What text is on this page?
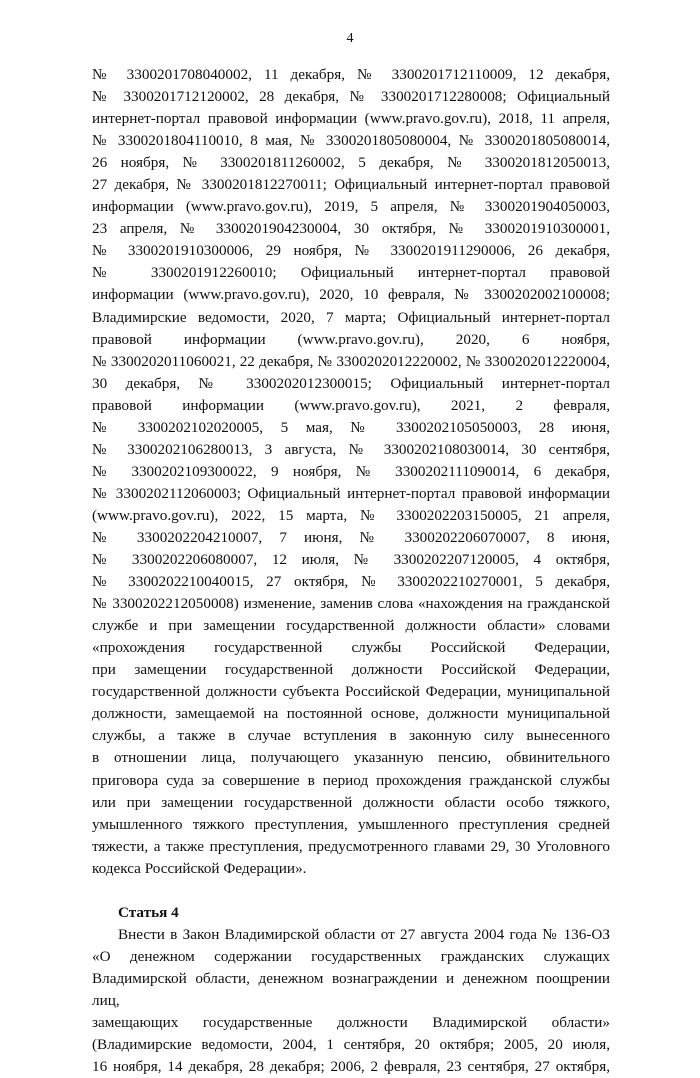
4
№ 3300201708040002, 11 декабря, № 3300201712110009, 12 декабря,
№ 3300201712120002, 28 декабря, № 3300201712280008; Официальный
интернет-портал правовой информации (www.pravo.gov.ru), 2018, 11 апреля,
№ 3300201804110010, 8 мая, № 3300201805080004, № 3300201805080014,
26 ноября, № 3300201811260002, 5 декабря, № 3300201812050013,
27 декабря, № 3300201812270011; Официальный интернет-портал правовой
информации (www.pravo.gov.ru), 2019, 5 апреля, № 3300201904050003,
23 апреля, № 3300201904230004, 30 октября, № 3300201910300001,
№ 3300201910300006, 29 ноября, № 3300201911290006, 26 декабря,
№ 3300201912260010; Официальный интернет-портал правовой
информации (www.pravo.gov.ru), 2020, 10 февраля, № 3300202002100008;
Владимирские ведомости, 2020, 7 марта; Официальный интернет-портал
правовой информации (www.pravo.gov.ru), 2020, 6 ноября,
№ 3300202011060021, 22 декабря, № 3300202012220002, № 3300202012220004,
30 декабря, № 3300202012300015; Официальный интернет-портал
правовой информации (www.pravo.gov.ru), 2021, 2 февраля,
№ 3300202102020005, 5 мая, № 3300202105050003, 28 июня,
№ 3300202106280013, 3 августа, № 3300202108030014, 30 сентября,
№ 3300202109300022, 9 ноября, № 3300202111090014, 6 декабря,
№ 3300202112060003; Официальный интернет-портал правовой информации
(www.pravo.gov.ru), 2022, 15 марта, № 3300202203150005, 21 апреля,
№ 3300202204210007, 7 июня, № 3300202206070007, 8 июня,
№ 3300202206080007, 12 июля, № 3300202207120005, 4 октября,
№ 3300202210040015, 27 октября, № 3300202210270001, 5 декабря,
№ 3300202212050008) изменение, заменив слова «нахождения на гражданской
службе и при замещении государственной должности области» словами
«прохождения государственной службы Российской Федерации,
при замещении государственной должности Российской Федерации,
государственной должности субъекта Российской Федерации, муниципальной
должности, замещаемой на постоянной основе, должности муниципальной
службы, а также в случае вступления в законную силу вынесенного
в отношении лица, получающего указанную пенсию, обвинительного
приговора суда за совершение в период прохождения гражданской службы
или при замещении государственной должности области особо тяжкого,
умышленного тяжкого преступления, умышленного преступления средней
тяжести, а также преступления, предусмотренного главами 29, 30 Уголовного
кодекса Российской Федерации».
Статья 4
Внести в Закон Владимирской области от 27 августа 2004 года № 136-ОЗ
«О денежном содержании государственных гражданских служащих
Владимирской области, денежном вознаграждении и денежном поощрении лиц,
замещающих государственные должности Владимирской области»
(Владимирские ведомости, 2004, 1 сентября, 20 октября; 2005, 20 июля,
16 ноября, 14 декабря, 28 декабря; 2006, 2 февраля, 23 сентября, 27 октября,
